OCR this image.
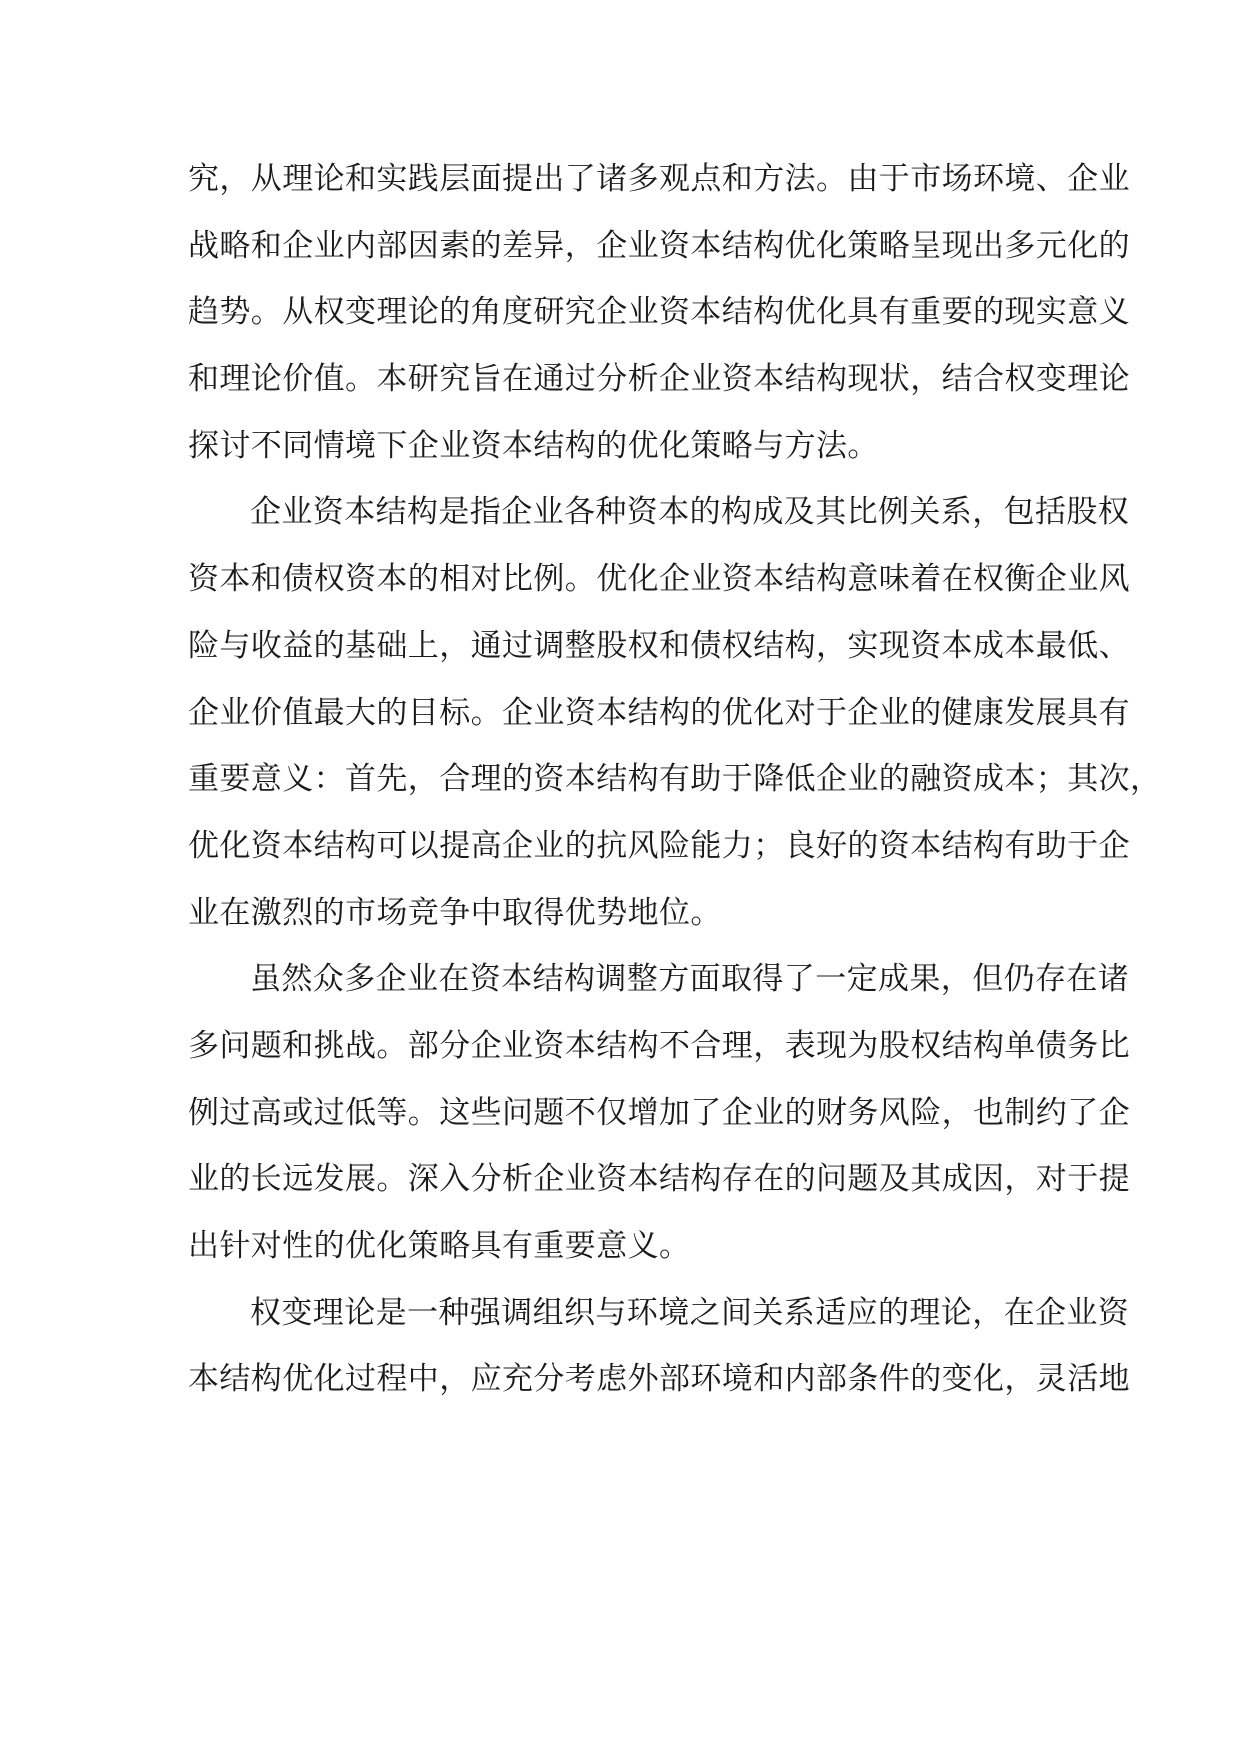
究，从理论和实践层面提出了诸多观点和方法。由于市场环境、企业
战略和企业内部因素的差异，企业资本结构优化策略呈现出多元化的
趋势。从权变理论的角度研究企业资本结构优化具有重要的现实意义
和理论价值。本研究旨在通过分析企业资本结构现状，结合权变理论
探讨不同情境下企业资本结构的优化策略与方法。

企业资本结构是指企业各种资本的构成及其比例关系，包括股权
资本和债权资本的相对比例。优化企业资本结构意味着在权衡企业风
险与收益的基础上，通过调整股权和债权结构，实现资本成本最低、
企业价值最大的目标。企业资本结构的优化对于企业的健康发展具有
重要意义：首先，合理的资本结构有助于降低企业的融资成本；其次，
优化资本结构可以提高企业的抗风险能力；良好的资本结构有助于企
业在激烈的市场竞争中取得优势地位。

虽然众多企业在资本结构调整方面取得了一定成果，但仍存在诸
多问题和挑战。部分企业资本结构不合理，表现为股权结构单债务比
例过高或过低等。这些问题不仅增加了企业的财务风险，也制约了企
业的长远发展。深入分析企业资本结构存在的问题及其成因，对于提
出针对性的优化策略具有重要意义。

权变理论是一种强调组织与环境之间关系适应的理论，在企业资
本结构优化过程中，应充分考虑外部环境和内部条件的变化，灵活地
